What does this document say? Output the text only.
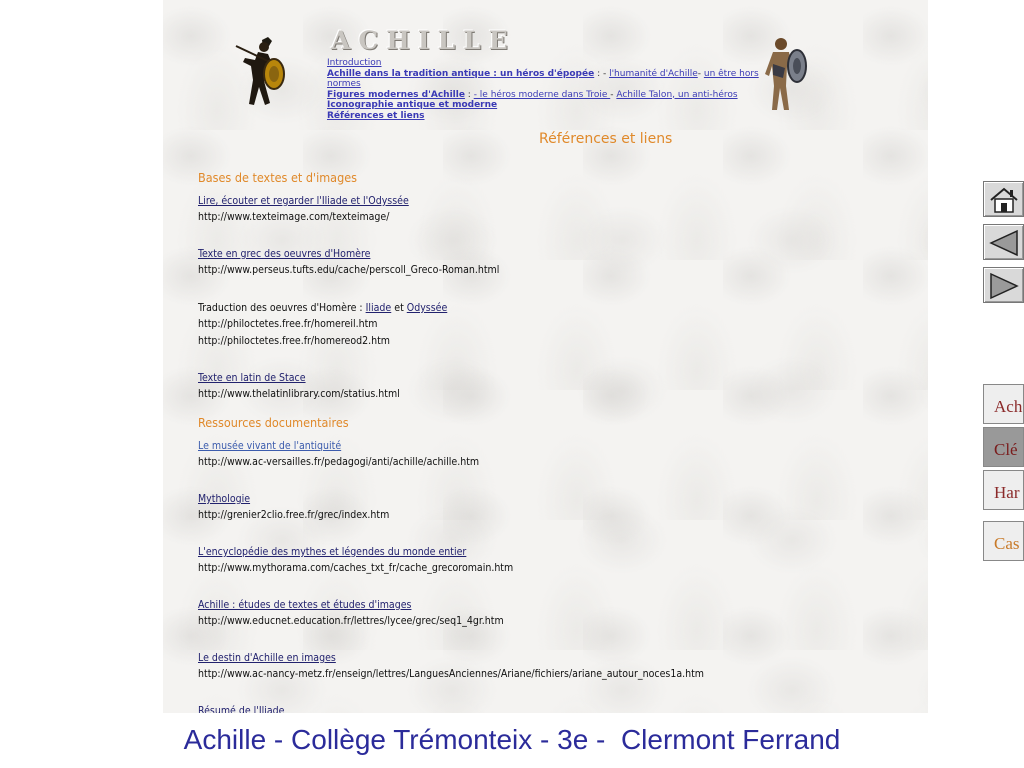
ACHILLE
Introduction
Achille dans la tradition antique : un héros d'épopée : - l'humanité d'Achille- un être hors
normes
Figures modernes d'Achille : - le héros moderne dans Troie - Achille Talon, un anti-héros
Iconographie antique et moderne
Références et liens
Références et liens
Bases de textes et d'images
Lire, écouter et regarder l'Iliade et l'Odyssée
http://www.texteimage.com/texteimage/
Texte en grec des oeuvres d'Homère
http://www.perseus.tufts.edu/cache/perscoll_Greco-Roman.html
Traduction des oeuvres d'Homère : Iliade et Odyssée
http://philoctetes.free.fr/homereil.htm
http://philoctetes.free.fr/homereod2.htm
Texte en latin de Stace
http://www.thelatinlibrary.com/statius.html
Ressources documentaires
Le musée vivant de l'antiquité
http://www.ac-versailles.fr/pedagogi/anti/achille/achille.htm
Mythologie
http://grenier2clio.free.fr/grec/index.htm
L'encyclopédie des mythes et légendes du monde entier
http://www.mythorama.com/caches_txt_fr/cache_grecoromain.htm
Achille : études de textes et études d'images
http://www.educnet.education.fr/lettres/lycee/grec/seq1_4gr.htm
Le destin d'Achille en images
http://www.ac-nancy-metz.fr/enseign/lettres/LanguesAnciennes/Ariane/fichiers/ariane_autour_noces1a.htm
Résumé de l'Iliade
Achille - Collège Trémonteix - 3e -  Clermont Ferrand
Ach
Clé
Har
Cas
